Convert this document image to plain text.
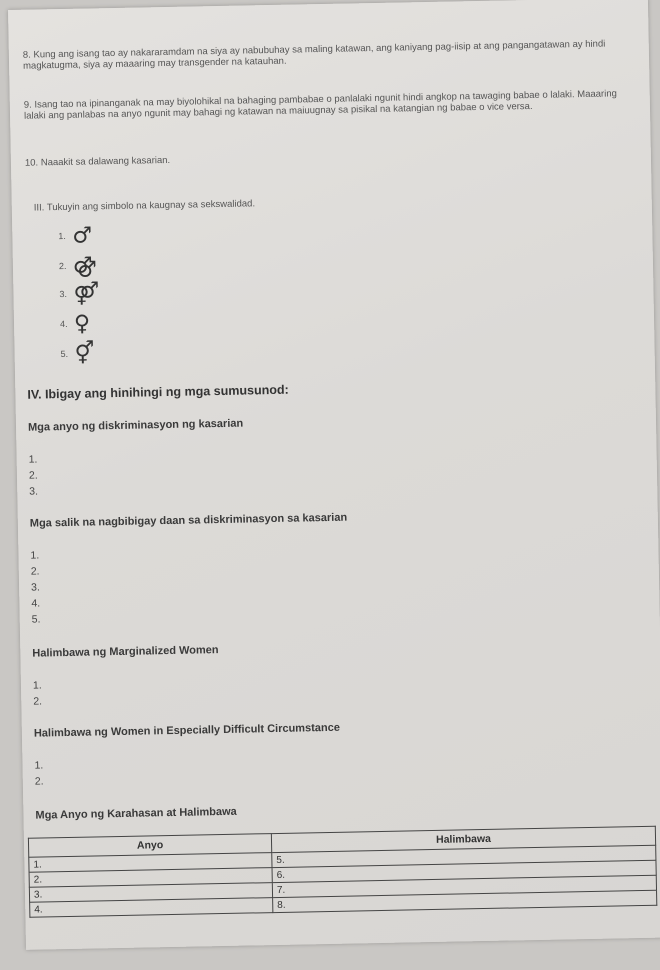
8. Kung ang isang tao ay nakararamdam na siya ay nabubuhay sa maling katawan, ang kaniyang pag-iisip at ang pangangatawan ay hindi magkatugma, siya ay maaaring may transgender na katauhan.
9. Isang tao na ipinanganak na may biyolohikal na bahaging pambabae o panlalaki ngunit hindi angkop na tawaging babae o lalaki. Maaaring lalaki ang panlabas na anyo ngunit may bahagi ng katawan na maiuugnay sa pisikal na katangian ng babae o vice versa.
10. Naaakit sa dalawang kasarian.
III. Tukuyin ang simbolo na kaugnay sa sekswalidad.
1. ♂
2. ⚣
3. ⚤
4. ♀
5. ⚥
IV. Ibigay ang hinihingi ng mga sumusunod:
Mga anyo ng diskriminasyon ng kasarian
1.
2.
3.
Mga salik na nagbibigay daan sa diskriminasyon sa kasarian
1.
2.
3.
4.
5.
Halimbawa ng Marginalized Women
1.
2.
Halimbawa ng Women in Especially Difficult Circumstance
1.
2.
Mga Anyo ng Karahasan at Halimbawa
Anyo	Halimbawa
1.	5.
2.	6.
3.	7.
4.	8.
